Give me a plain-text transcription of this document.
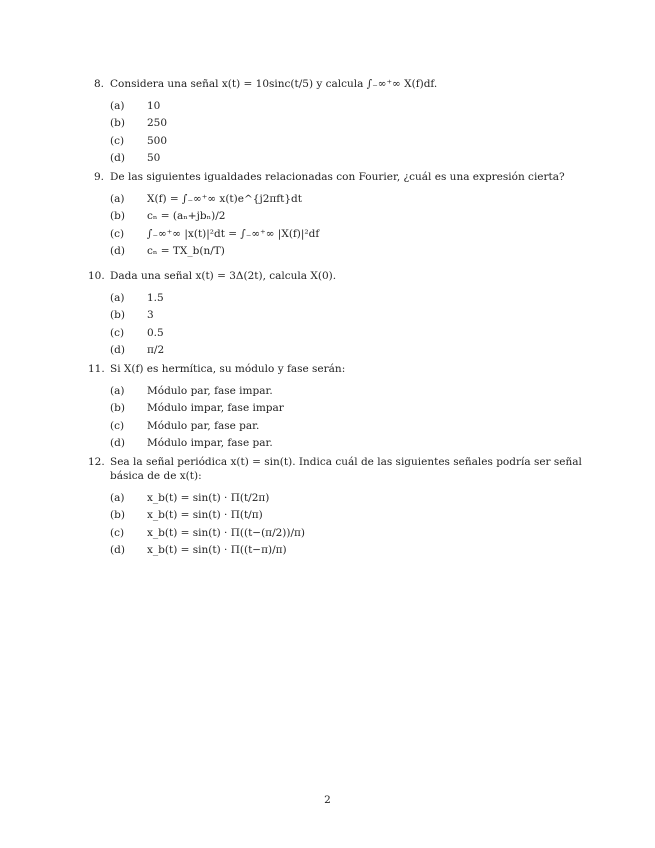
8. Considera una señal x(t) = 10sinc(t/5) y calcula ∫₋∞⁺∞ X(f)df.
(a)	10
(b)	250
(c)	500
(d)	50
9. De las siguientes igualdades relacionadas con Fourier, ¿cuál es una expresión cierta?
(a)	X(f) = ∫₋∞⁺∞ x(t)e^{j2πft}dt
(b)	cₙ = (aₙ+jbₙ)/2
(c)	∫₋∞⁺∞ |x(t)|²dt = ∫₋∞⁺∞ |X(f)|²df
(d)	cₙ = TX_b(n/T)
10. Dada una señal x(t) = 3Δ(2t), calcula X(0).
(a)	1.5
(b)	3
(c)	0.5
(d)	π/2
11. Si X(f) es hermítica, su módulo y fase serán:
(a)	Módulo par, fase impar.
(b)	Módulo impar, fase impar
(c)	Módulo par, fase par.
(d)	Módulo impar, fase par.
12. Sea la señal periódica x(t) = sin(t). Indica cuál de las siguientes señales podría ser señal básica de de x(t):
(a)	x_b(t) = sin(t) · Π(t/2π)
(b)	x_b(t) = sin(t) · Π(t/π)
(c)	x_b(t) = sin(t) · Π((t−(π/2))/π)
(d)	x_b(t) = sin(t) · Π((t−π)/π)
2
